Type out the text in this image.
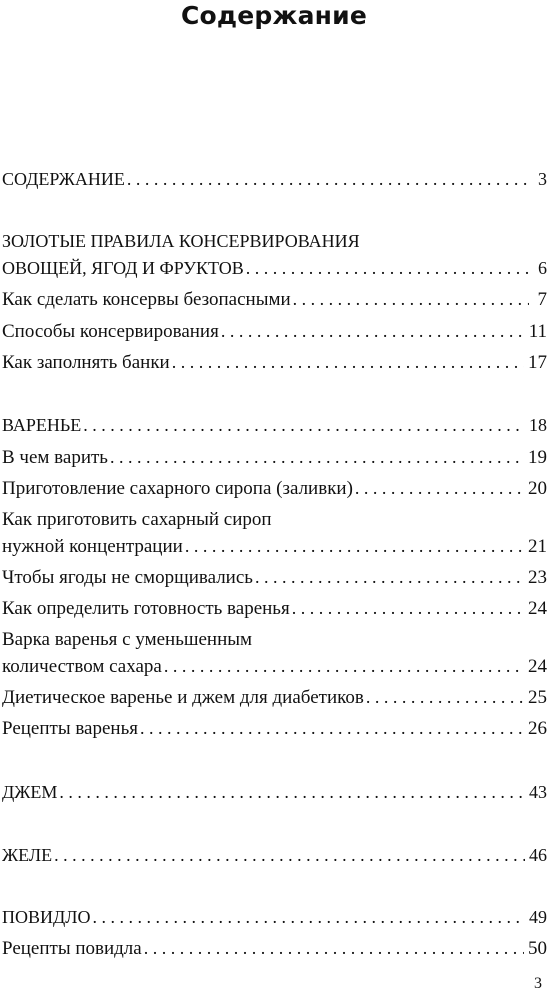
Содержание
СОДЕРЖАНИЕ . . .	3
ЗОЛОТЫЕ ПРАВИЛА КОНСЕРВИРОВАНИЯ
ОВОЩЕЙ, ЯГОД И ФРУКТОВ . . .	6
Как сделать консервы безопасными . . .	7
Способы консервирования . . .	11
Как заполнять банки . . .	17
ВАРЕНЬЕ . . .	18
В чем варить . . .	19
Приготовление сахарного сиропа (заливки) . . .	20
Как приготовить сахарный сироп
нужной концентрации . . .	21
Чтобы ягоды не сморщивались . . .	23
Как определить готовность варенья . . .	24
Варка варенья с уменьшенным
количеством сахара . . .	24
Диетическое варенье и джем для диабетиков . . .	25
Рецепты варенья . . .	26
ДЖЕМ . . .	43
ЖЕЛЕ . . .	46
ПОВИДЛО . . .	49
Рецепты повидла . . .	50
3
